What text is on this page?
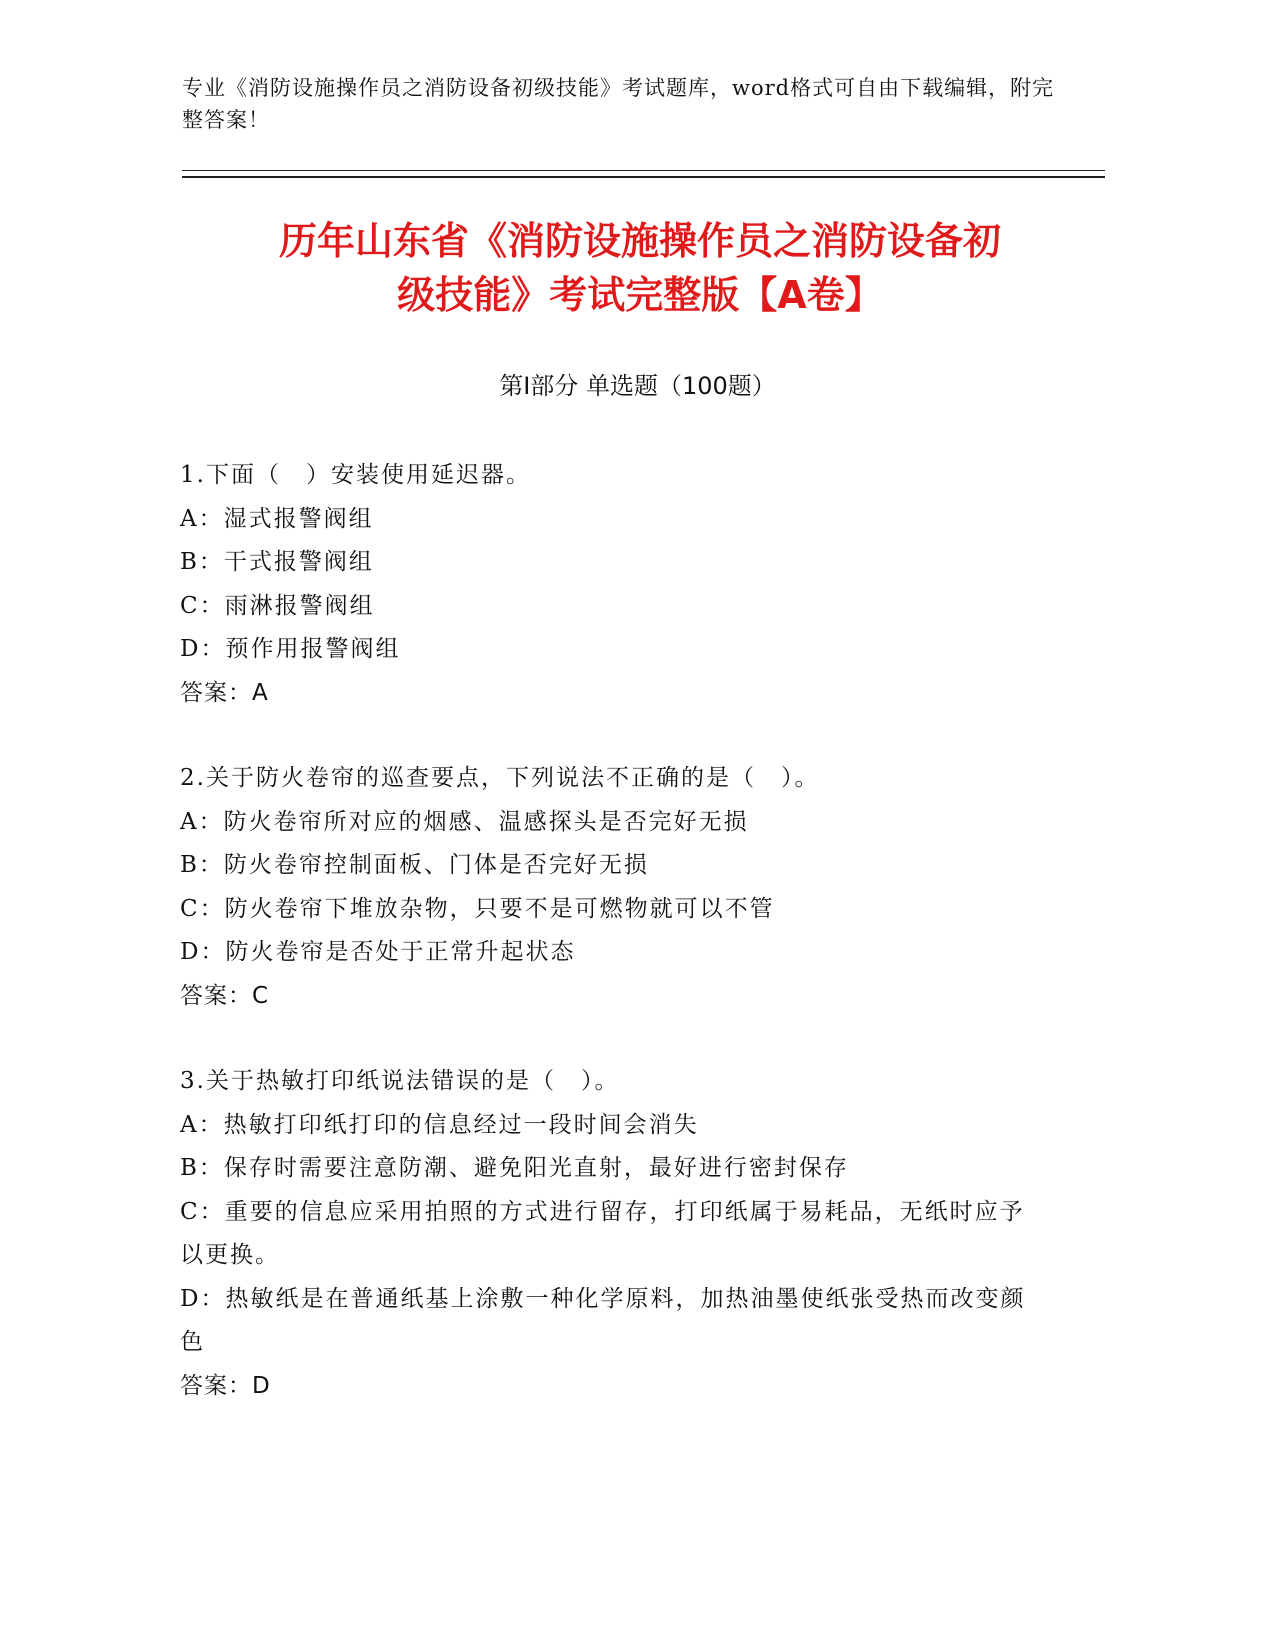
专业《消防设施操作员之消防设备初级技能》考试题库，word格式可自由下载编辑，附完整答案！
历年山东省《消防设施操作员之消防设备初
级技能》考试完整版【A卷】
第I部分 单选题（100题）
1.下面（　）安装使用延迟器。
A：湿式报警阀组
B：干式报警阀组
C：雨淋报警阀组
D：预作用报警阀组
答案：A
2.关于防火卷帘的巡查要点，下列说法不正确的是（　）。
A：防火卷帘所对应的烟感、温感探头是否完好无损
B：防火卷帘控制面板、门体是否完好无损
C：防火卷帘下堆放杂物，只要不是可燃物就可以不管
D：防火卷帘是否处于正常升起状态
答案：C
3.关于热敏打印纸说法错误的是（　）。
A：热敏打印纸打印的信息经过一段时间会消失
B：保存时需要注意防潮、避免阳光直射，最好进行密封保存
C：重要的信息应采用拍照的方式进行留存，打印纸属于易耗品，无纸时应予以更换。
D：热敏纸是在普通纸基上涂敷一种化学原料，加热油墨使纸张受热而改变颜色
答案：D
